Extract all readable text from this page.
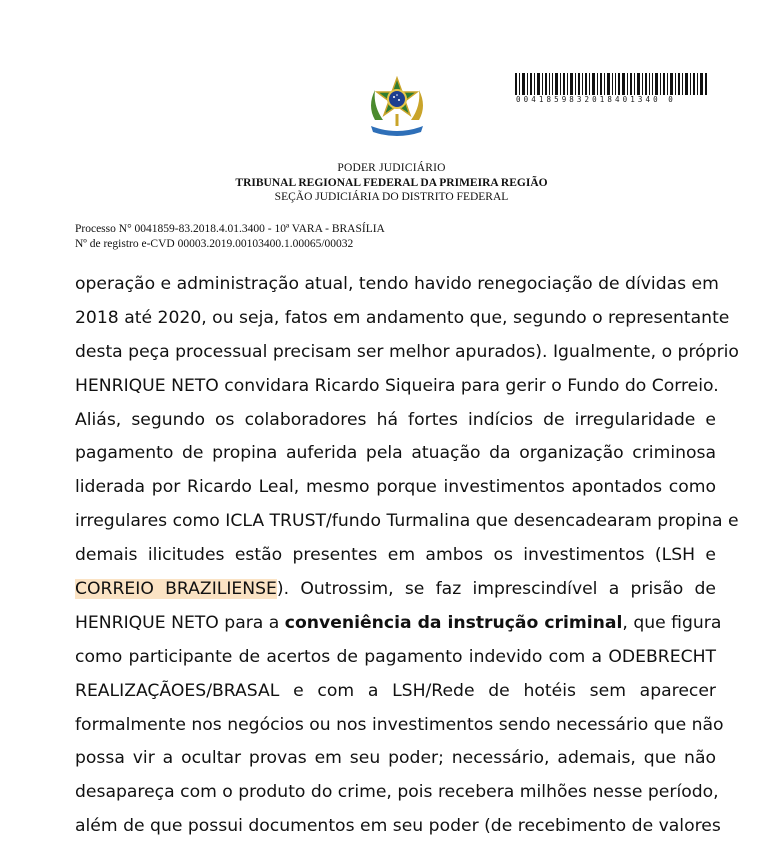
0041859832018401340 0
PODER JUDICIÁRIO
TRIBUNAL REGIONAL FEDERAL DA PRIMEIRA REGIÃO
SEÇÃO JUDICIÁRIA DO DISTRITO FEDERAL
Processo N° 0041859-83.2018.4.01.3400 - 10ª VARA - BRASÍLIA
Nº de registro e-CVD 00003.2019.00103400.1.00065/00032
operação e administração atual, tendo havido renegociação de dívidas em
2018 até 2020, ou seja, fatos em andamento que, segundo o representante
desta peça processual precisam ser melhor apurados). Igualmente, o próprio
HENRIQUE NETO convidara Ricardo Siqueira para gerir o Fundo do Correio.
Aliás, segundo os colaboradores há fortes indícios de irregularidade e
pagamento de propina auferida pela atuação da organização criminosa
liderada por Ricardo Leal, mesmo porque investimentos apontados como
irregulares como ICLA TRUST/fundo Turmalina que desencadearam propina e
demais ilicitudes estão presentes em ambos os investimentos (LSH e
CORREIO BRAZILIENSE). Outrossim, se faz imprescindível a prisão de
HENRIQUE NETO para a conveniência da instrução criminal, que figura
como participante de acertos de pagamento indevido com a ODEBRECHT
REALIZAÇÃOES/BRASAL e com a LSH/Rede de hotéis sem aparecer
formalmente nos negócios ou nos investimentos sendo necessário que não
possa vir a ocultar provas em seu poder; necessário, ademais, que não
desapareça com o produto do crime, pois recebera milhões nesse período,
além de que possui documentos em seu poder (de recebimento de valores
